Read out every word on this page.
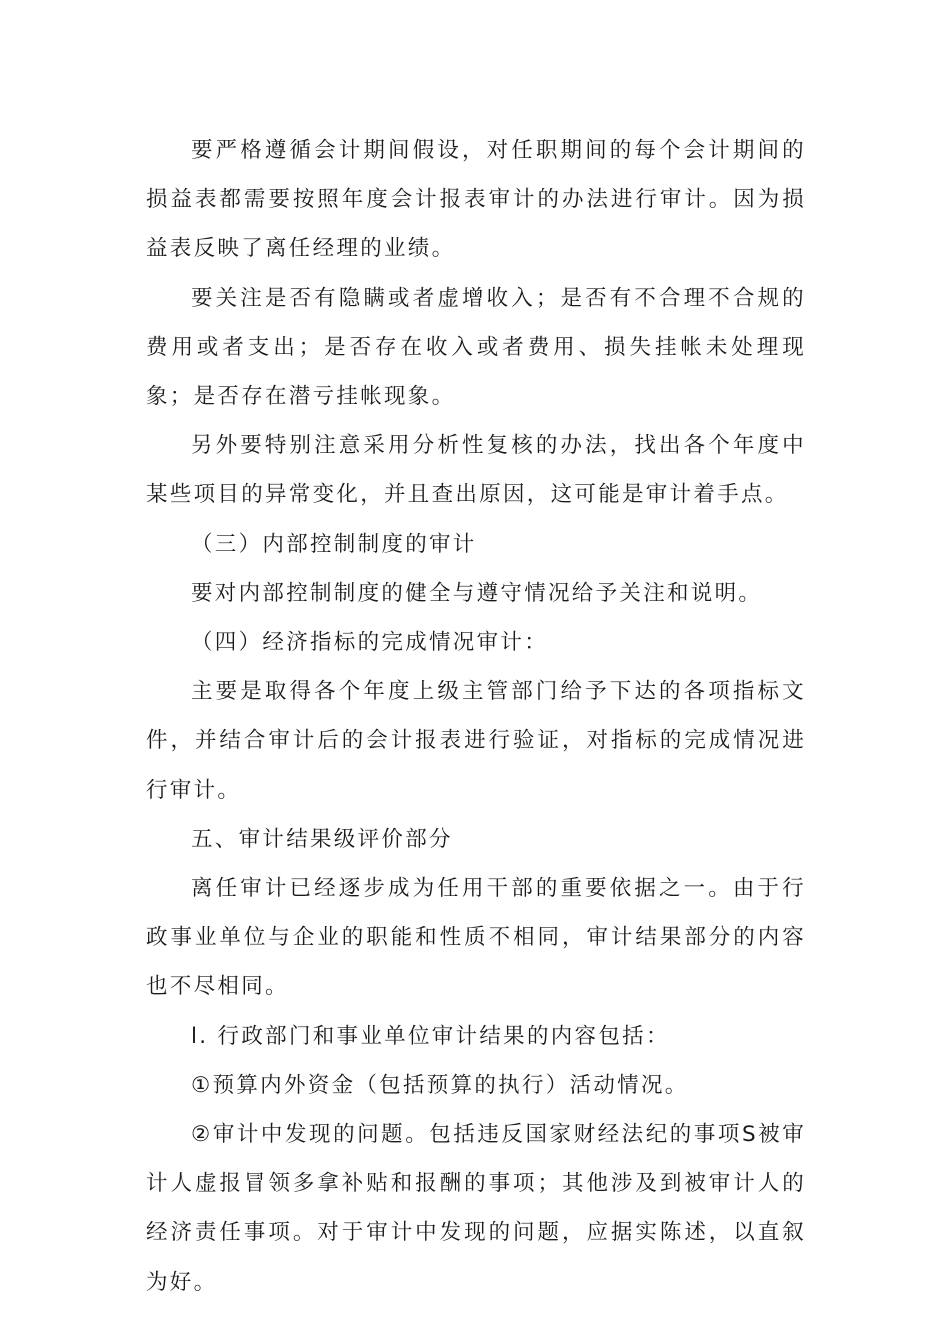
要严格遵循会计期间假设，对任职期间的每个会计期间的损益表都需要按照年度会计报表审计的办法进行审计。因为损益表反映了离任经理的业绩。

要关注是否有隐瞒或者虚增收入；是否有不合理不合规的费用或者支出；是否存在收入或者费用、损失挂帐未处理现象；是否存在潜亏挂帐现象。

另外要特别注意采用分析性复核的办法，找出各个年度中某些项目的异常变化，并且查出原因，这可能是审计着手点。

（三）内部控制制度的审计

要对内部控制制度的健全与遵守情况给予关注和说明。

（四）经济指标的完成情况审计：

主要是取得各个年度上级主管部门给予下达的各项指标文件，并结合审计后的会计报表进行验证，对指标的完成情况进行审计。

五、审计结果级评价部分

离任审计已经逐步成为任用干部的重要依据之一。由于行政事业单位与企业的职能和性质不相同，审计结果部分的内容也不尽相同。

l. 行政部门和事业单位审计结果的内容包括：

①预算内外资金（包括预算的执行）活动情况。

②审计中发现的问题。包括违反国家财经法纪的事项S被审计人虚报冒领多拿补贴和报酬的事项；其他涉及到被审计人的经济责任事项。对于审计中发现的问题，应据实陈述，以直叙为好。
